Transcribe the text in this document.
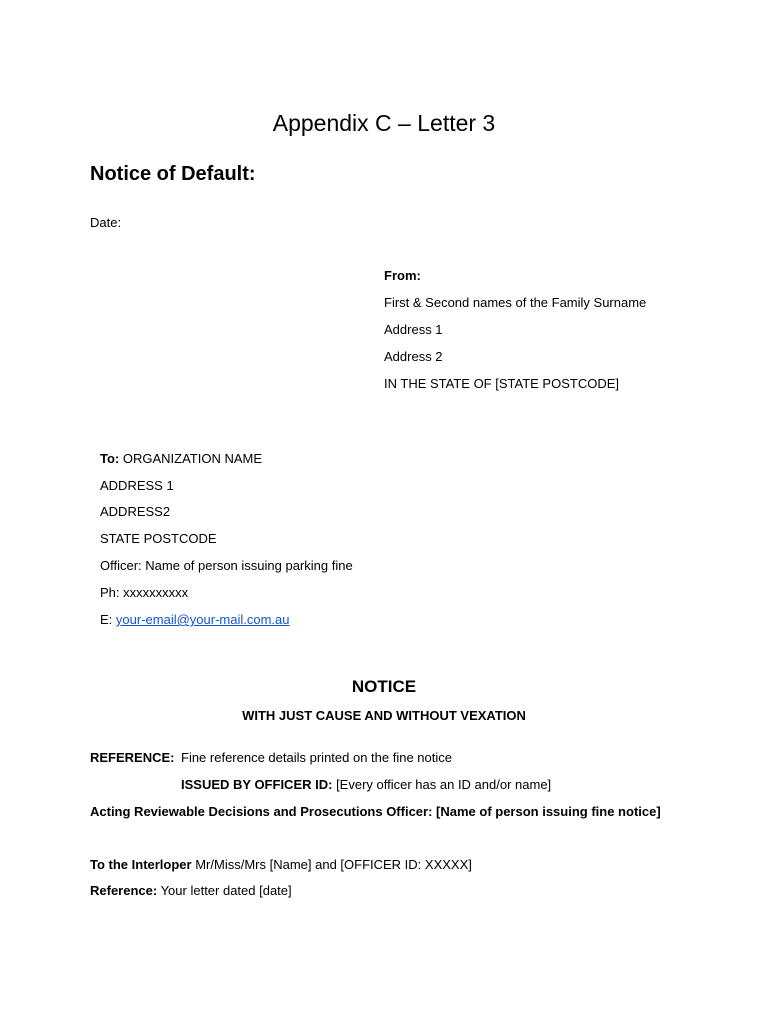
Appendix C – Letter 3
Notice of Default:
Date:
From:
First & Second names of the Family Surname
Address 1
Address 2
IN THE STATE OF [STATE POSTCODE]
To: ORGANIZATION NAME
ADDRESS 1
ADDRESS2
STATE POSTCODE
Officer: Name of person issuing parking fine
Ph: xxxxxxxxxx
E: your-email@your-mail.com.au
NOTICE
WITH JUST CAUSE AND WITHOUT VEXATION
REFERENCE: Fine reference details printed on the fine notice
ISSUED BY OFFICER ID: [Every officer has an ID and/or name]
Acting Reviewable Decisions and Prosecutions Officer: [Name of person issuing fine notice]
To the Interloper Mr/Miss/Mrs [Name] and [OFFICER ID: XXXXX]
Reference: Your letter dated [date]
